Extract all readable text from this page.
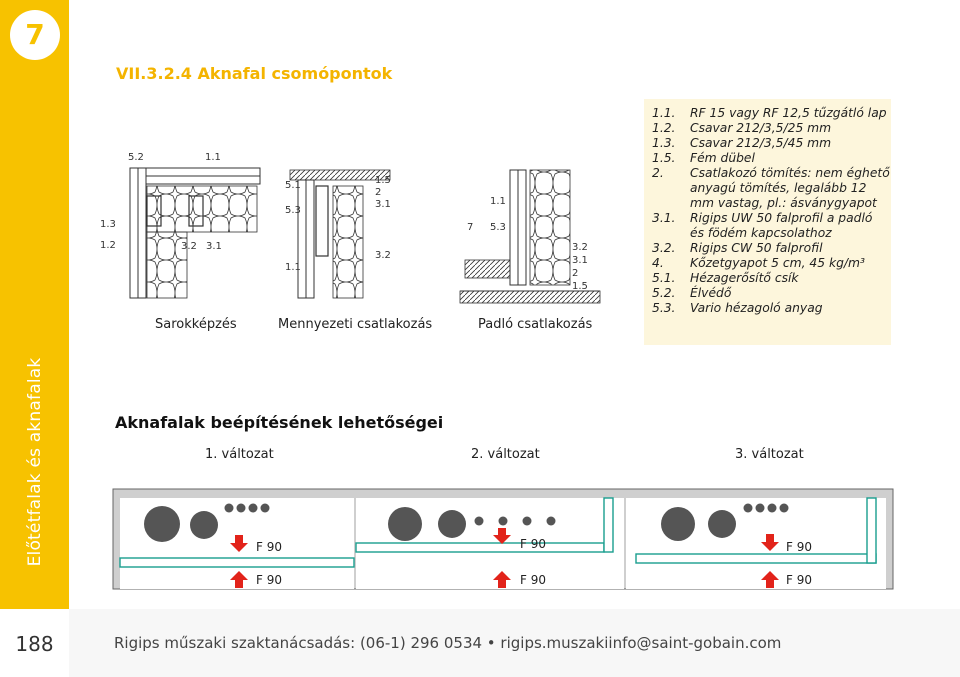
7
Előtétfalak és aknafalak
VII.3.2.4 Aknafal csomópontok
5.2	1.1
1.3
1.2	3.2 3.1
5.1
5.3
1.5
2
3.1
3.2
1.1
1.1
7 5.3
3.2
3.1
2
1.5
Sarokképzés	Mennyezeti csatlakozás	Padló csatlakozás
1.1. RF 15 vagy RF 12,5 tűzgátló lap
1.2. Csavar 212/3,5/25 mm
1.3. Csavar 212/3,5/45 mm
1.5. Fém dübel
2. Csatlakozó tömítés: nem éghető
anyagú tömítés, legalább 12
mm vastag, pl.: ásványgyapot
3.1. Rigips UW 50 falprofil a padló
és födém kapcsolathoz
3.2. Rigips CW 50 falprofil
4. Kőzetgyapot 5 cm, 45 kg/m³
5.1. Hézagerősítő csík
5.2. Élvédő
5.3. Vario hézagoló anyag
Aknafalak beépítésének lehetőségei
1. változat	2. változat	3. változat
F 90
F 90
F 90
F 90
F 90
F 90
188	Rigips műszaki szaktanácsadás: (06-1) 296 0534 • rigips.muszakiinfo@saint-gobain.com
